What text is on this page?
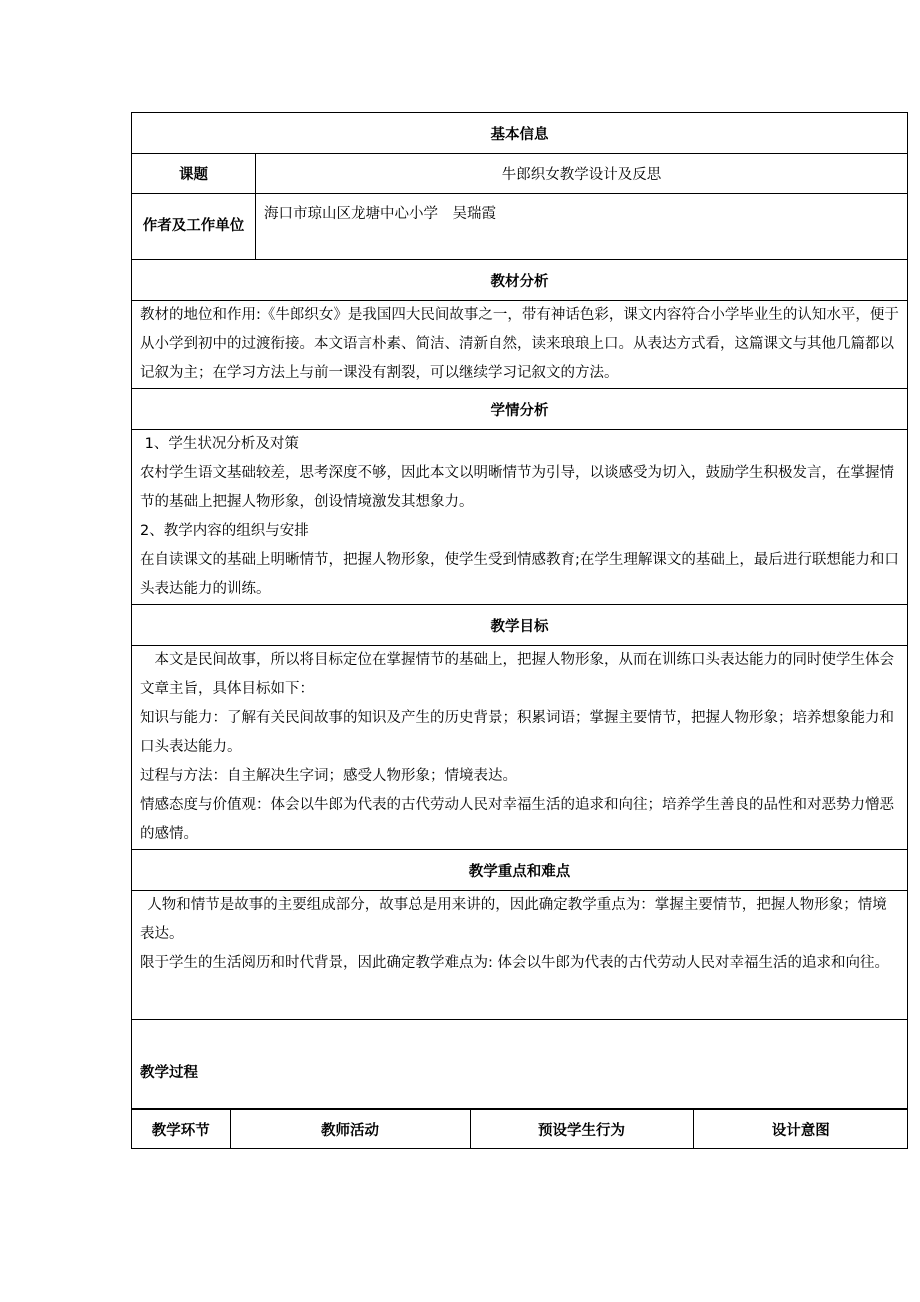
基本信息
课题	牛郎织女教学设计及反思
作者及工作单位	海口市琼山区龙塘中心小学　吴瑞霞
教材分析

教材的地位和作用:《牛郎织女》是我国四大民间故事之一，带有神话色彩，课文内容符合小学毕业生的认知水平，便于从小学到初中的过渡衔接。本文语言朴素、简洁、清新自然，读来琅琅上口。从表达方式看，这篇课文与其他几篇都以记叙为主；在学习方法上与前一课没有割裂，可以继续学习记叙文的方法。

学情分析

1、学生状况分析及对策

农村学生语文基础较差，思考深度不够，因此本文以明晰情节为引导，以谈感受为切入，鼓励学生积极发言，在掌握情节的基础上把握人物形象，创设情境激发其想象力。

2、教学内容的组织与安排

在自读课文的基础上明晰情节，把握人物形象，使学生受到情感教育;在学生理解课文的基础上，最后进行联想能力和口头表达能力的训练。

教学目标

　本文是民间故事，所以将目标定位在掌握情节的基础上，把握人物形象，从而在训练口头表达能力的同时使学生体会文章主旨，具体目标如下：

知识与能力：了解有关民间故事的知识及产生的历史背景；积累词语；掌握主要情节，把握人物形象；培养想象能力和口头表达能力。

过程与方法：自主解决生字词；感受人物形象；情境表达。

情感态度与价值观：体会以牛郎为代表的古代劳动人民对幸福生活的追求和向往；培养学生善良的品性和对恶势力憎恶的感情。

教学重点和难点

人物和情节是故事的主要组成部分，故事总是用来讲的，因此确定教学重点为：掌握主要情节，把握人物形象；情境表达。

限于学生的生活阅历和时代背景，因此确定教学难点为: 体会以牛郎为代表的古代劳动人民对幸福生活的追求和向往。

教学过程

教学环节	教师活动	预设学生行为	设计意图
